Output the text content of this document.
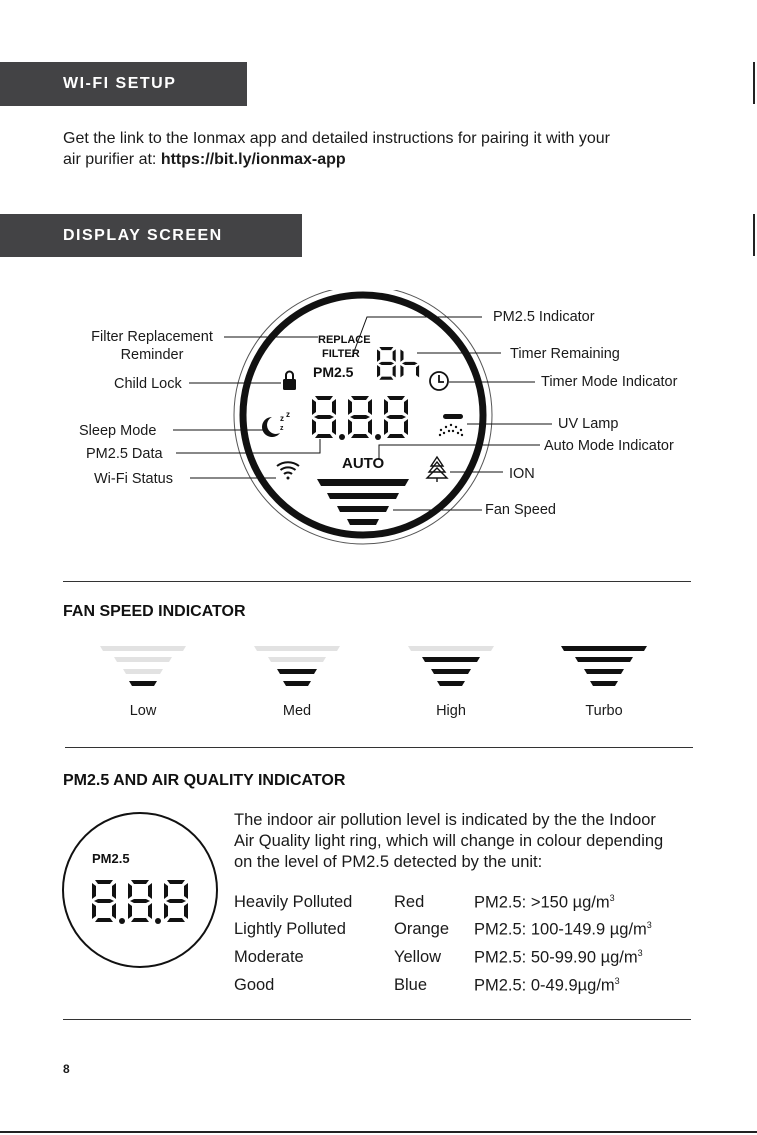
WI-FI SETUP
Get the link to the Ionmax app and detailed instructions for pairing it with your
air purifier at: https://bit.ly/ionmax-app
DISPLAY SCREEN
REPLACE
FILTER
PM2.5
z z
z
AUTO
Filter Replacement
Reminder
Child Lock
Sleep Mode
PM2.5 Data
Wi-Fi Status
PM2.5 Indicator
Timer Remaining
Timer Mode Indicator
UV Lamp
Auto Mode Indicator
ION
Fan Speed
FAN SPEED INDICATOR
Low	Med	High	Turbo
PM2.5 AND AIR QUALITY INDICATOR
PM2.5
The indoor air pollution level is indicated by the the Indoor
Air Quality light ring, which will change in colour depending
on the level of PM2.5 detected by the unit:
Heavily Polluted	Red	PM2.5: >150 $\mu g/m^3$
Lightly Polluted	Orange PM2.5: 100-149.9 $\mu g/m^3$
Moderate	Yellow PM2.5: 50-99.90 $\mu g/m^3$
Good	Blue	PM2.5: $0-49.9\mu g/m^3$
8
